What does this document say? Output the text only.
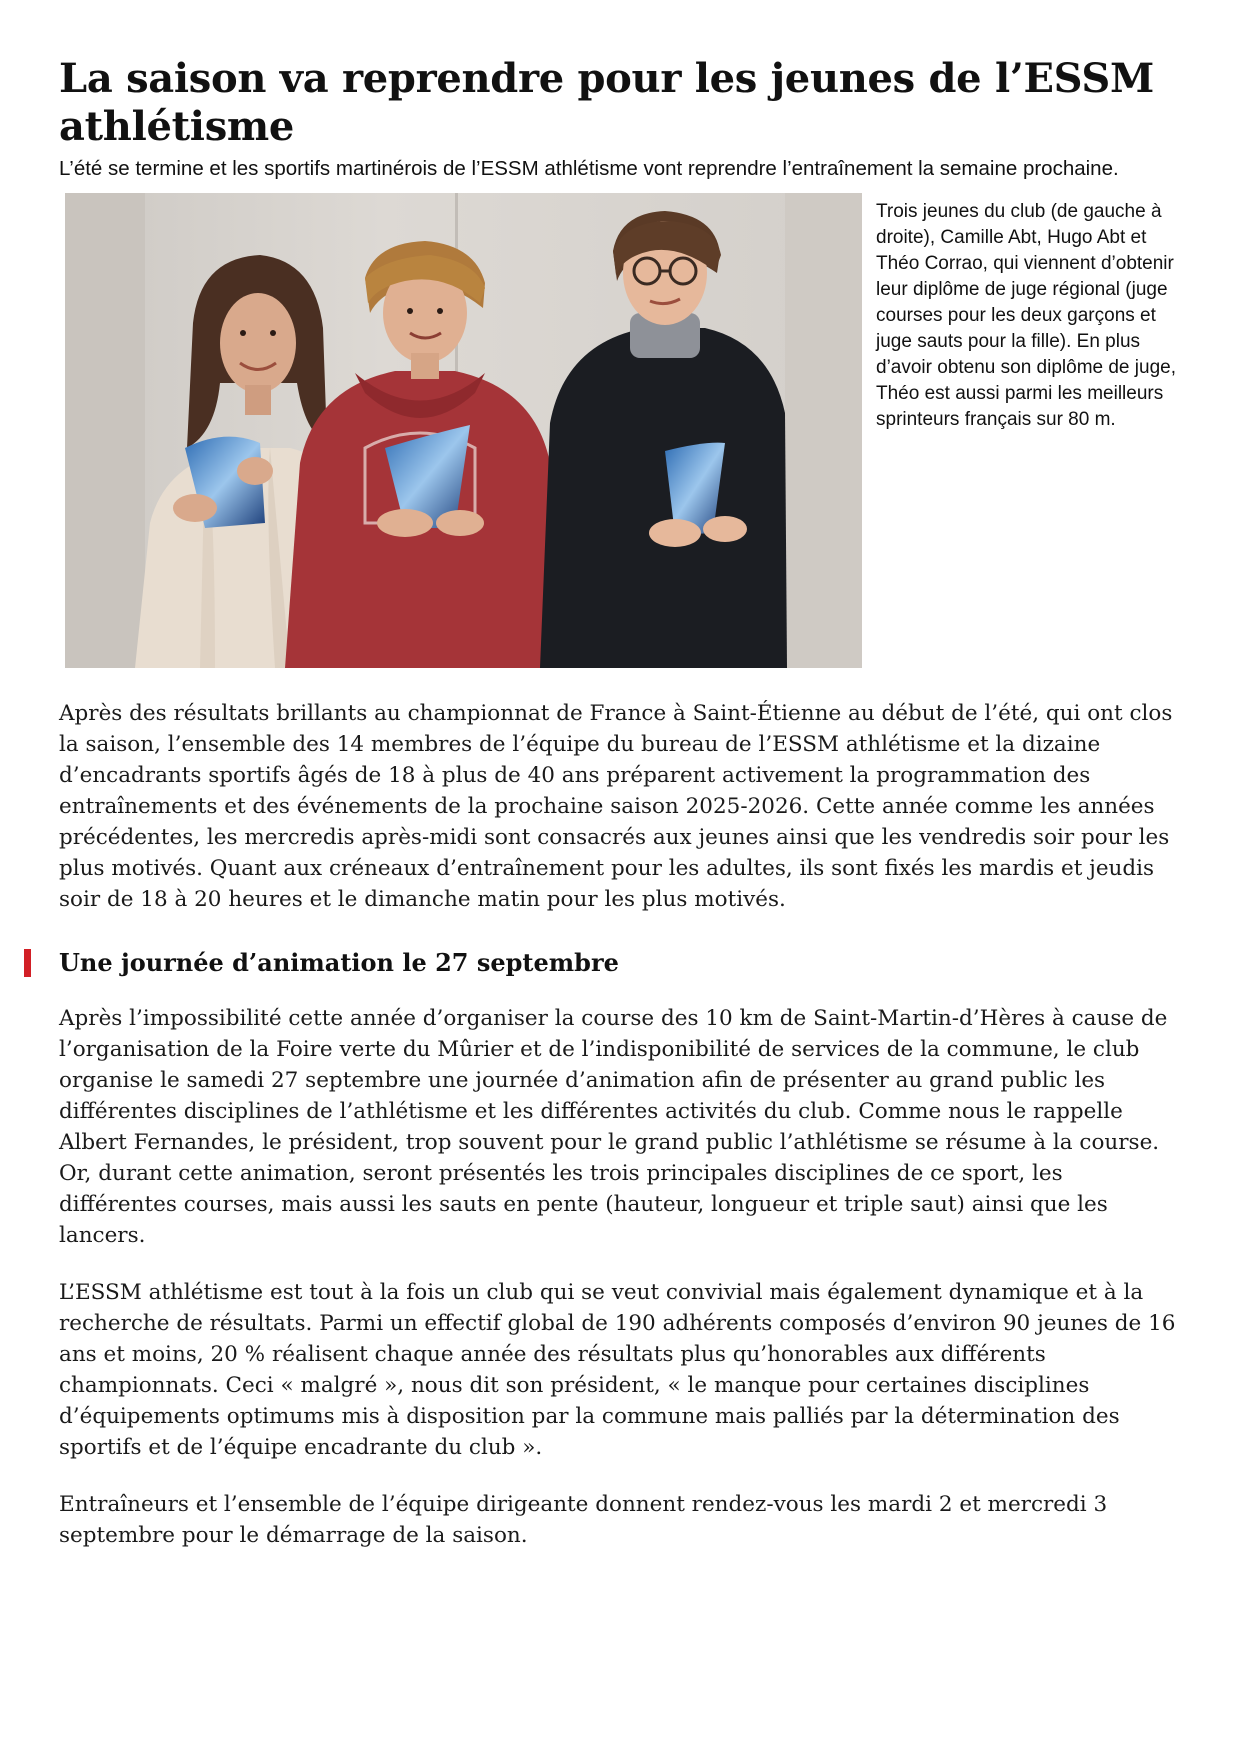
La saison va reprendre pour les jeunes de l’ESSM athlétisme

L’été se termine et les sportifs martinérois de l’ESSM athlétisme vont reprendre l’entraînement la semaine prochaine.

Trois jeunes du club (de gauche à droite), Camille Abt, Hugo Abt et Théo Corrao, qui viennent d’obtenir leur diplôme de juge régional (juge courses pour les deux garçons et juge sauts pour la fille). En plus d’avoir obtenu son diplôme de juge, Théo est aussi parmi les meilleurs sprinteurs français sur 80 m.

Après des résultats brillants au championnat de France à Saint-Étienne au début de l’été, qui ont clos la saison, l’ensemble des 14 membres de l’équipe du bureau de l’ESSM athlétisme et la dizaine d’encadrants sportifs âgés de 18 à plus de 40 ans préparent activement la programmation des entraînements et des événements de la prochaine saison 2025-2026. Cette année comme les années précédentes, les mercredis après-midi sont consacrés aux jeunes ainsi que les vendredis soir pour les plus motivés. Quant aux créneaux d’entraînement pour les adultes, ils sont fixés les mardis et jeudis soir de 18 à 20 heures et le dimanche matin pour les plus motivés.

Une journée d’animation le 27 septembre

Après l’impossibilité cette année d’organiser la course des 10 km de Saint-Martin-d’Hères à cause de l’organisation de la Foire verte du Mûrier et de l’indisponibilité de services de la commune, le club organise le samedi 27 septembre une journée d’animation afin de présenter au grand public les différentes disciplines de l’athlétisme et les différentes activités du club. Comme nous le rappelle Albert Fernandes, le président, trop souvent pour le grand public l’athlétisme se résume à la course. Or, durant cette animation, seront présentés les trois principales disciplines de ce sport, les différentes courses, mais aussi les sauts en pente (hauteur, longueur et triple saut) ainsi que les lancers.

L’ESSM athlétisme est tout à la fois un club qui se veut convivial mais également dynamique et à la recherche de résultats. Parmi un effectif global de 190 adhérents composés d’environ 90 jeunes de 16 ans et moins, 20 % réalisent chaque année des résultats plus qu’honorables aux différents championnats. Ceci « malgré », nous dit son président, « le manque pour certaines disciplines d’équipements optimums mis à disposition par la commune mais palliés par la détermination des sportifs et de l’équipe encadrante du club ».

Entraîneurs et l’ensemble de l’équipe dirigeante donnent rendez-vous les mardi 2 et mercredi 3 septembre pour le démarrage de la saison.
